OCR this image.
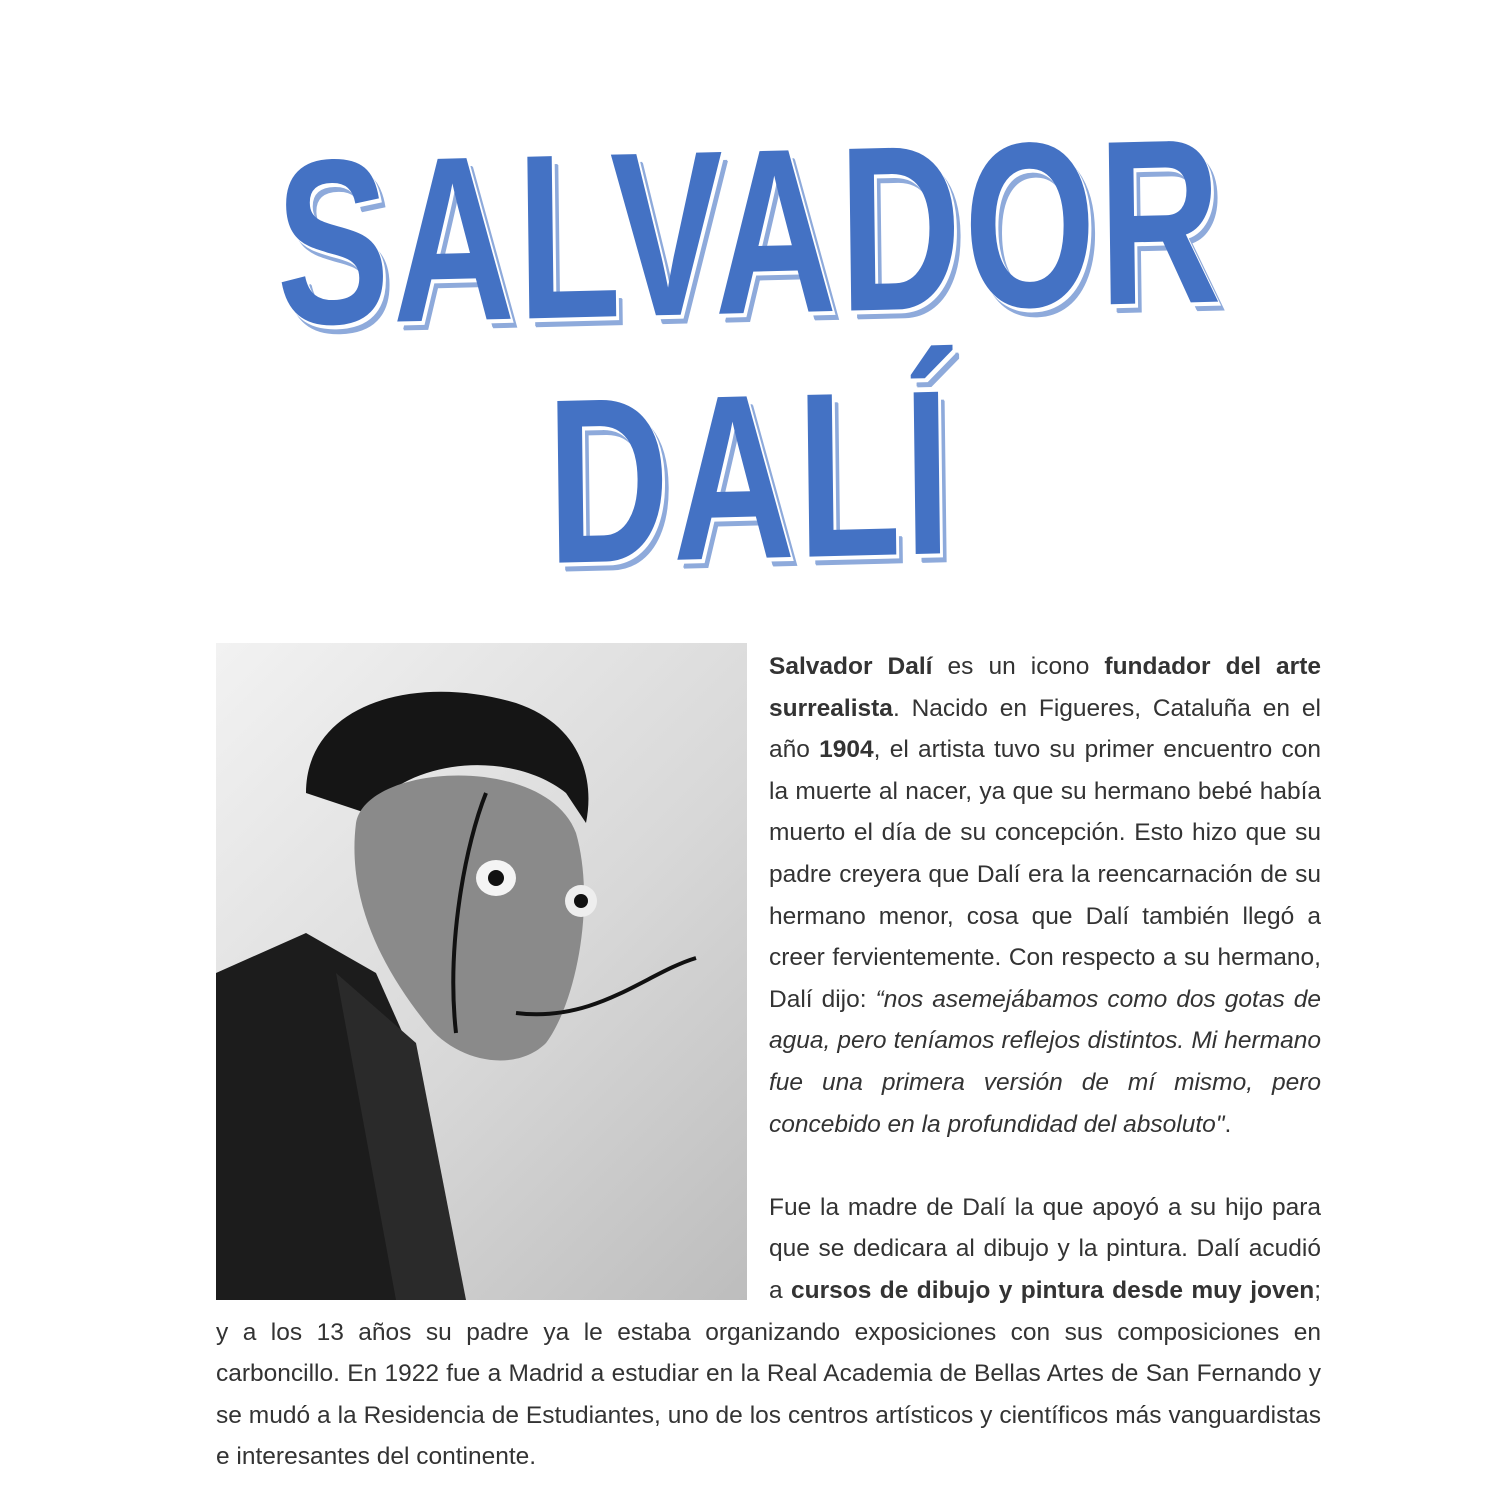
SALVADOR
DALÍ

Salvador Dalí es un icono fundador del arte surrealista. Nacido en Figueres, Cataluña en el año 1904, el artista tuvo su primer encuentro con la muerte al nacer, ya que su hermano bebé había muerto el día de su concepción. Esto hizo que su padre creyera que Dalí era la reencarnación de su hermano menor, cosa que Dalí también llegó a creer fervientemente. Con respecto a su hermano, Dalí dijo: “nos asemejábamos como dos gotas de agua, pero teníamos reflejos distintos. Mi hermano fue una primera versión de mí mismo, pero concebido en la profundidad del absoluto".

Fue la madre de Dalí la que apoyó a su hijo para que se dedicara al dibujo y la pintura. Dalí acudió a cursos de dibujo y pintura desde muy joven; y a los 13 años su padre ya le estaba organizando exposiciones con sus composiciones en carboncillo. En 1922 fue a Madrid a estudiar en la Real Academia de Bellas Artes de San Fernando y se mudó a la Residencia de Estudiantes, uno de los centros artísticos y científicos más vanguardistas e interesantes del continente.
